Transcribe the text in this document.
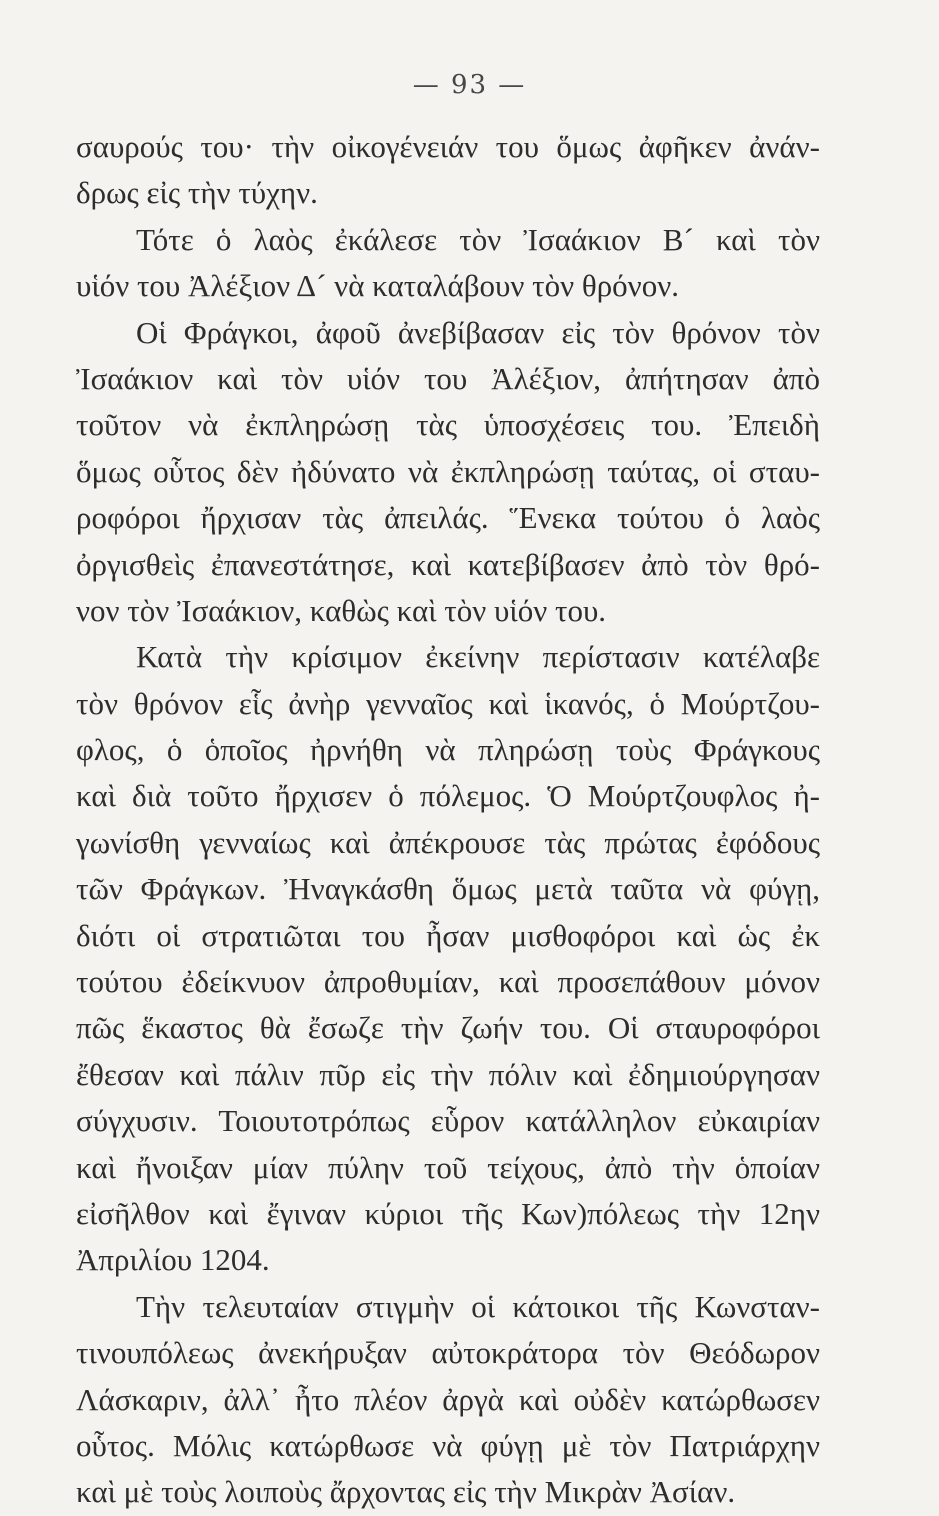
— 93 —
σαυρούς του· τὴν οἰκογένειάν του ὅμως ἀφῆκεν ἀνάν-
δρως εἰς τὴν τύχην.
Τότε ὁ λαὸς ἐκάλεσε τὸν Ἰσαάκιον Β´ καὶ τὸν
υἱόν του Ἀλέξιον Δ´ νὰ καταλάβουν τὸν θρόνον.
Οἱ Φράγκοι, ἀφοῦ ἀνεβίβασαν εἰς τὸν θρόνον τὸν
Ἰσαάκιον καὶ τὸν υἱόν του Ἀλέξιον, ἀπήτησαν ἀπὸ
τοῦτον νὰ ἐκπληρώσῃ τὰς ὑποσχέσεις του. Ἐπειδὴ
ὅμως οὗτος δὲν ἠδύνατο νὰ ἐκπληρώσῃ ταύτας, οἱ σταυ-
ροφόροι ἤρχισαν τὰς ἀπειλάς. Ἕνεκα τούτου ὁ λαὸς
ὀργισθεὶς ἐπανεστάτησε, καὶ κατεβίβασεν ἀπὸ τὸν θρό-
νον τὸν Ἰσαάκιον, καθὼς καὶ τὸν υἱόν του.
Κατὰ τὴν κρίσιμον ἐκείνην περίστασιν κατέλαβε
τὸν θρόνον εἷς ἀνὴρ γενναῖος καὶ ἱκανός, ὁ Μούρτζου-
φλος, ὁ ὁποῖος ἠρνήθη νὰ πληρώσῃ τοὺς Φράγκους
καὶ διὰ τοῦτο ἤρχισεν ὁ πόλεμος. Ὁ Μούρτζουφλος ἠ-
γωνίσθη γενναίως καὶ ἀπέκρουσε τὰς πρώτας ἐφόδους
τῶν Φράγκων. Ἠναγκάσθη ὅμως μετὰ ταῦτα νὰ φύγῃ,
διότι οἱ στρατιῶται του ἦσαν μισθοφόροι καὶ ὡς ἐκ
τούτου ἐδείκνυον ἀπροθυμίαν, καὶ προσεπάθουν μόνον
πῶς ἕκαστος θὰ ἔσωζε τὴν ζωήν του. Οἱ σταυροφόροι
ἔθεσαν καὶ πάλιν πῦρ εἰς τὴν πόλιν καὶ ἐδημιούργησαν
σύγχυσιν. Τοιουτοτρόπως εὗρον κατάλληλον εὐκαιρίαν
καὶ ἤνοιξαν μίαν πύλην τοῦ τείχους, ἀπὸ τὴν ὁποίαν
εἰσῆλθον καὶ ἔγιναν κύριοι τῆς Κων)πόλεως τὴν 12ην
Ἀπριλίου 1204.
Τὴν τελευταίαν στιγμὴν οἱ κάτοικοι τῆς Κωνσταν-
τινουπόλεως ἀνεκήρυξαν αὐτοκράτορα τὸν Θεόδωρον
Λάσκαριν, ἀλλ᾿ ἦτο πλέον ἀργὰ καὶ οὐδὲν κατώρθωσεν
οὗτος. Μόλις κατώρθωσε νὰ φύγῃ μὲ τὸν Πατριάρχην
καὶ μὲ τοὺς λοιποὺς ἄρχοντας εἰς τὴν Μικρὰν Ἀσίαν.
